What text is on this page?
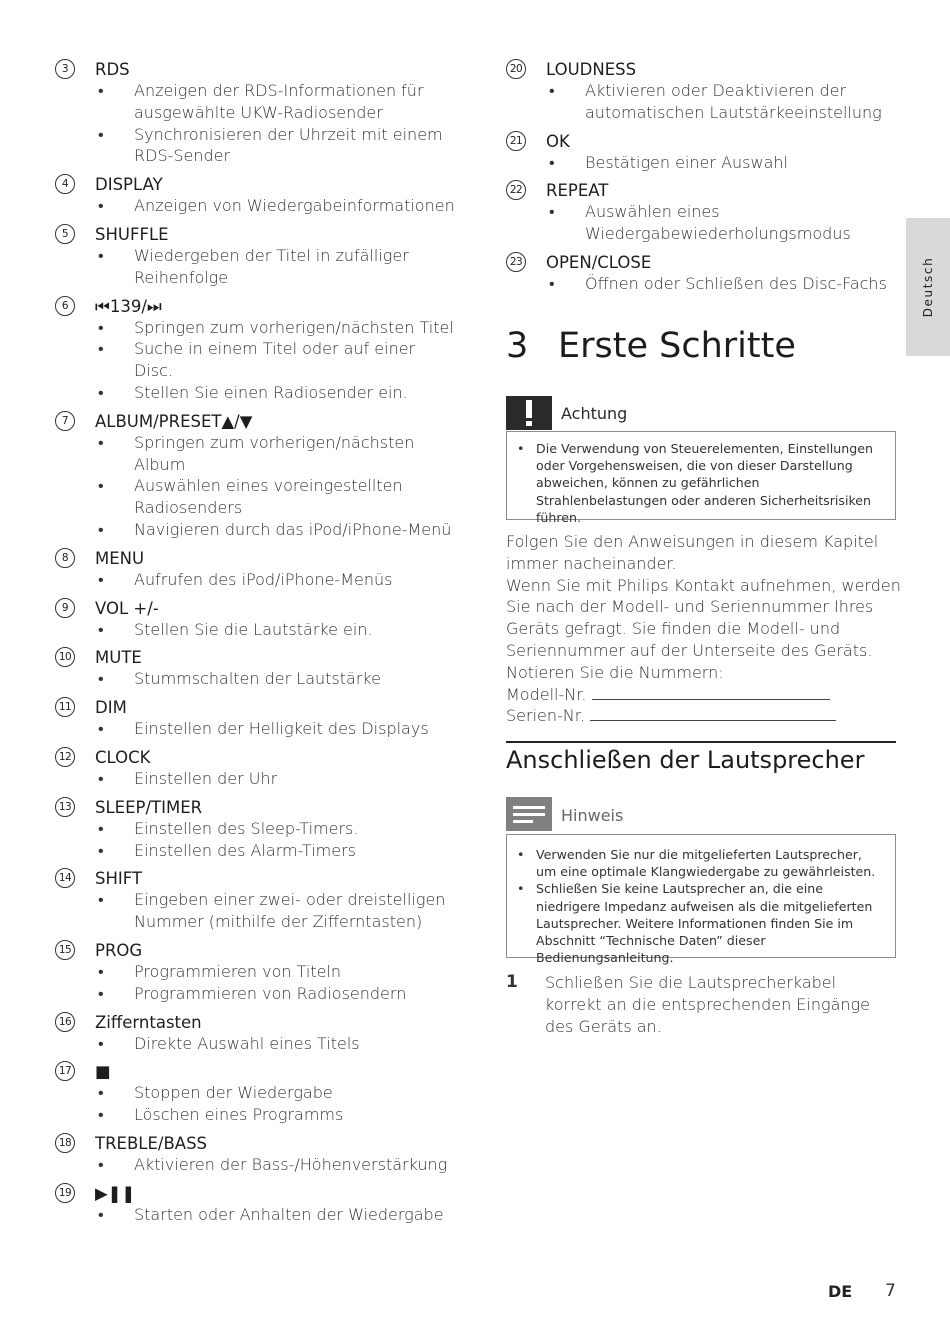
3	RDS
• Anzeigen der RDS-Informationen für ausgewählte UKW-Radiosender
• Synchronisieren der Uhrzeit mit einem RDS-Sender
4	DISPLAY
• Anzeigen von Wiedergabeinformationen
5	SHUFFLE
• Wiedergeben der Titel in zufälliger Reihenfolge
6	⏮139/⏭
• Springen zum vorherigen/nächsten Titel
• Suche in einem Titel oder auf einer Disc.
• Stellen Sie einen Radiosender ein.
7	ALBUM/PRESET▲/▼
• Springen zum vorherigen/nächsten Album
• Auswählen eines voreingestellten Radiosenders
• Navigieren durch das iPod/iPhone-Menü
8	MENU
• Aufrufen des iPod/iPhone-Menüs
9	VOL +/-
• Stellen Sie die Lautstärke ein.
10 MUTE
• Stummschalten der Lautstärke
11 DIM
• Einstellen der Helligkeit des Displays
12 CLOCK
• Einstellen der Uhr
13 SLEEP/TIMER
• Einstellen des Sleep-Timers.
• Einstellen des Alarm-Timers
14 SHIFT
• Eingeben einer zwei- oder dreistelligen Nummer (mithilfe der Zifferntasten)
15 PROG
• Programmieren von Titeln
• Programmieren von Radiosendern
16 Zifferntasten
• Direkte Auswahl eines Titels
17 ■
• Stoppen der Wiedergabe
• Löschen eines Programms
18 TREBLE/BASS
• Aktivieren der Bass-/Höhenverstärkung
19 ▶❚❚
• Starten oder Anhalten der Wiedergabe
20 LOUDNESS
• Aktivieren oder Deaktivieren der automatischen Lautstärkeeinstellung
21 OK
• Bestätigen einer Auswahl
22 REPEAT
• Auswählen eines Wiedergabewiederholungsmodus
23 OPEN/CLOSE
• Öffnen oder Schließen des Disc-Fachs	Deutsch
3 Erste Schritte
Achtung
• Die Verwendung von Steuerelementen, Einstellungen oder Vorgehensweisen, die von dieser Darstellung abweichen, können zu gefährlichen Strahlenbelastungen oder anderen Sicherheitsrisiken führen.

Folgen Sie den Anweisungen in diesem Kapitel immer nacheinander.

Wenn Sie mit Philips Kontakt aufnehmen, werden Sie nach der Modell- und Seriennummer Ihres Geräts gefragt. Sie finden die Modell- und Seriennummer auf der Unterseite des Geräts. Notieren Sie die Nummern:

Modell-Nr.

Serien-Nr.

Anschließen der Lautsprecher
Hinweis
• Verwenden Sie nur die mitgelieferten Lautsprecher, um eine optimale Klangwiedergabe zu gewährleisten.
• Schließen Sie keine Lautsprecher an, die eine niedrigere Impedanz aufweisen als die mitgelieferten Lautsprecher. Weitere Informationen finden Sie im Abschnitt “Technische Daten” dieser Bedienungsanleitung.
1 Schließen Sie die Lautsprecherkabel korrekt an die entsprechenden Eingänge des Geräts an.
DE 7
